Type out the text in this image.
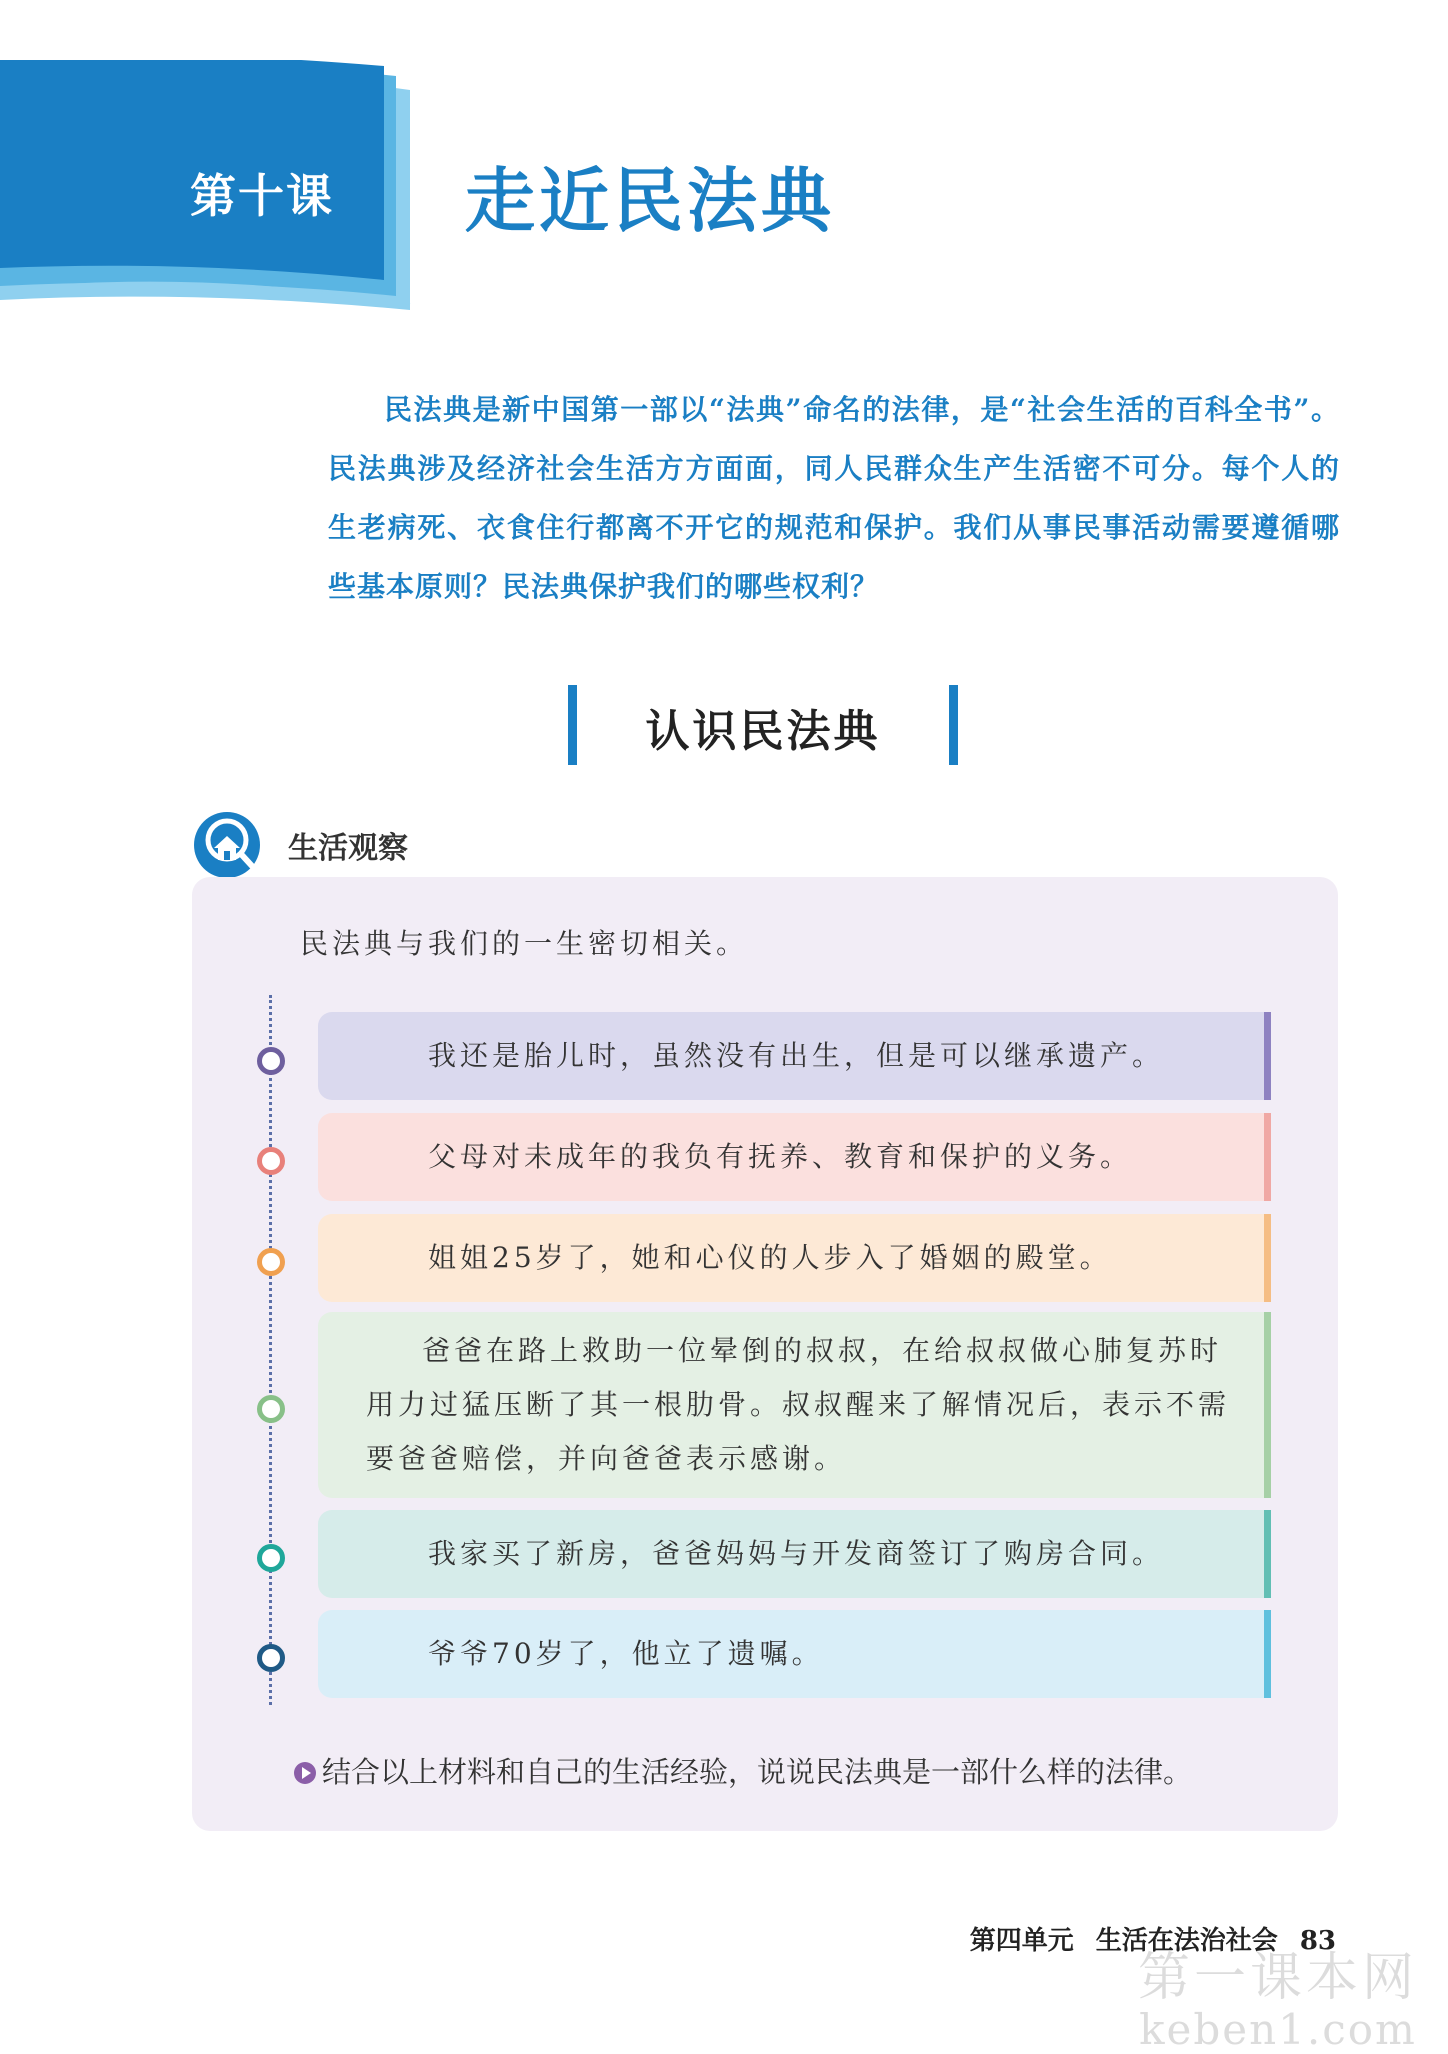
第十课	走近民法典
民法典是新中国第一部以“法典”命名的法律，是“社会生活的百科全书”。民法典涉及经济社会生活方方面面，同人民群众生产生活密不可分。每个人的生老病死、衣食住行都离不开它的规范和保护。我们从事民事活动需要遵循哪些基本原则？民法典保护我们的哪些权利？
认识民法典
生活观察
民法典与我们的一生密切相关。
我还是胎儿时，虽然没有出生，但是可以继承遗产。
父母对未成年的我负有抚养、教育和保护的义务。
姐姐25岁了，她和心仪的人步入了婚姻的殿堂。
爸爸在路上救助一位晕倒的叔叔，在给叔叔做心肺复苏时用力过猛压断了其一根肋骨。叔叔醒来了解情况后，表示不需要爸爸赔偿，并向爸爸表示感谢。
我家买了新房，爸爸妈妈与开发商签订了购房合同。
爷爷70岁了，他立了遗嘱。
结合以上材料和自己的生活经验，说说民法典是一部什么样的法律。
第四单元 生活在法治社会 83
第一课本网
keben1.com
